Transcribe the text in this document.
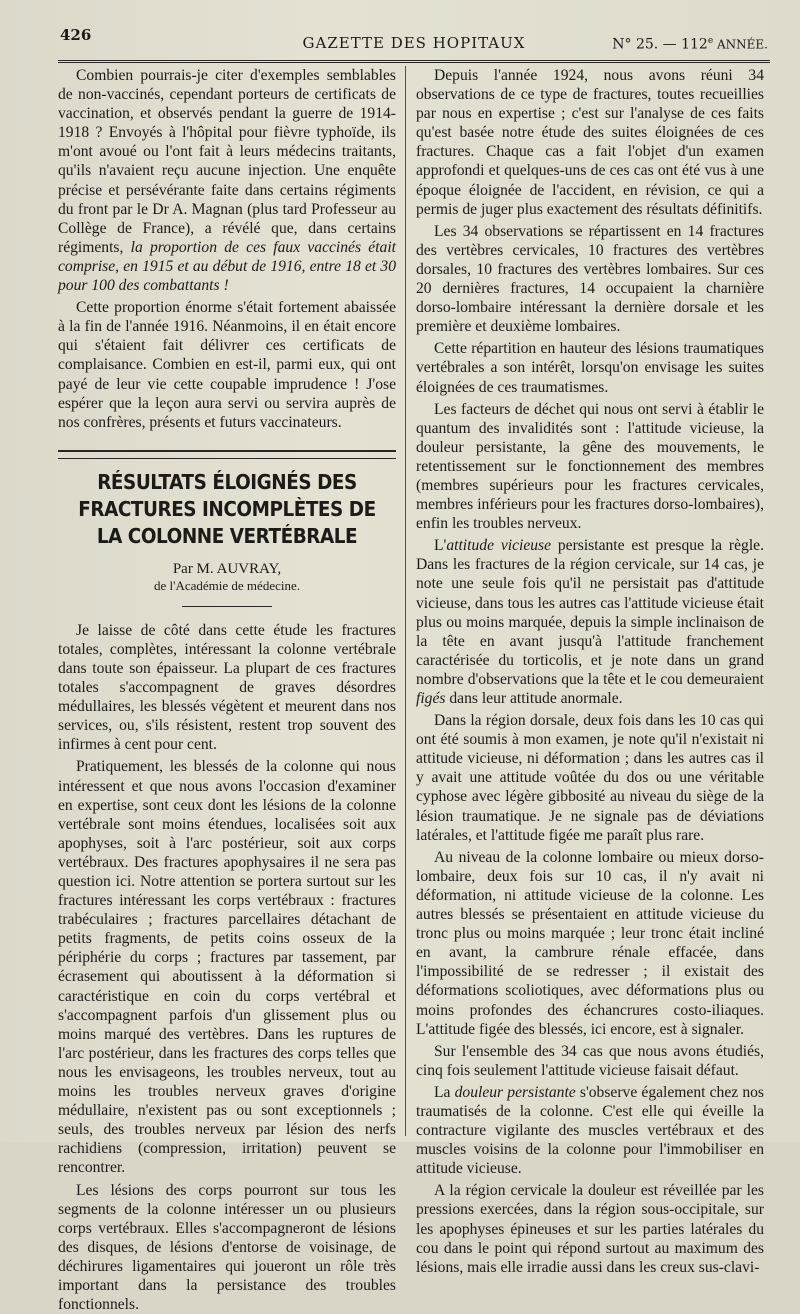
426	GAZETTE DES HOPITAUX	N° 25. — 112e ANNÉE.

Combien pourrais-je citer d'exemples semblables de non-vaccinés, cependant porteurs de certificats de vaccination, et observés pendant la guerre de 1914-1918 ? Envoyés à l'hôpital pour fièvre typhoïde, ils m'ont avoué ou l'ont fait à leurs médecins traitants, qu'ils n'avaient reçu aucune injection. Une enquête précise et persévérante faite dans certains régiments du front par le Dr A. Magnan (plus tard Professeur au Collège de France), a révélé que, dans certains régiments, la proportion de ces faux vaccinés était comprise, en 1915 et au début de 1916, entre 18 et 30 pour 100 des combattants !

Cette proportion énorme s'était fortement abaissée à la fin de l'année 1916. Néanmoins, il en était encore qui s'étaient fait délivrer ces certificats de complaisance. Combien en est-il, parmi eux, qui ont payé de leur vie cette coupable imprudence ! J'ose espérer que la leçon aura servi ou servira auprès de nos confrères, présents et futurs vaccinateurs.

RÉSULTATS ÉLOIGNÉS DES FRACTURES INCOMPLÈTES DE LA COLONNE VERTÉBRALE
Par M. AUVRAY,
de l'Académie de médecine.

Je laisse de côté dans cette étude les fractures totales, complètes, intéressant la colonne vertébrale dans toute son épaisseur. La plupart de ces fractures totales s'accompagnent de graves désordres médullaires, les blessés végètent et meurent dans nos services, ou, s'ils résistent, restent trop souvent des infirmes à cent pour cent.

Pratiquement, les blessés de la colonne qui nous intéressent et que nous avons l'occasion d'examiner en expertise, sont ceux dont les lésions de la colonne vertébrale sont moins étendues, localisées soit aux apophyses, soit à l'arc postérieur, soit aux corps vertébraux. Des fractures apophysaires il ne sera pas question ici. Notre attention se portera surtout sur les fractures intéressant les corps vertébraux : fractures trabéculaires ; fractures parcellaires détachant de petits fragments, de petits coins osseux de la périphérie du corps ; fractures par tassement, par écrasement qui aboutissent à la déformation si caractéristique en coin du corps vertébral et s'accompagnent parfois d'un glissement plus ou moins marqué des vertèbres. Dans les ruptures de l'arc postérieur, dans les fractures des corps telles que nous les envisageons, les troubles nerveux, tout au moins les troubles nerveux graves d'origine médullaire, n'existent pas ou sont exceptionnels ; seuls, des troubles nerveux par lésion des nerfs rachidiens (compression, irritation) peuvent se rencontrer.

Les lésions des corps pourront sur tous les segments de la colonne intéresser un ou plusieurs corps vertébraux. Elles s'accompagneront de lésions des disques, de lésions d'entorse de voisinage, de déchirures ligamentaires qui joueront un rôle très important dans la persistance des troubles fonctionnels.

Depuis l'année 1924, nous avons réuni 34 observations de ce type de fractures, toutes recueillies par nous en expertise ; c'est sur l'analyse de ces faits qu'est basée notre étude des suites éloignées de ces fractures. Chaque cas a fait l'objet d'un examen approfondi et quelques-uns de ces cas ont été vus à une époque éloignée de l'accident, en révision, ce qui a permis de juger plus exactement des résultats définitifs.

Les 34 observations se répartissent en 14 fractures des vertèbres cervicales, 10 fractures des vertèbres dorsales, 10 fractures des vertèbres lombaires. Sur ces 20 dernières fractures, 14 occupaient la charnière dorso-lombaire intéressant la dernière dorsale et les première et deuxième lombaires.

Cette répartition en hauteur des lésions traumatiques vertébrales a son intérêt, lorsqu'on envisage les suites éloignées de ces traumatismes.

Les facteurs de déchet qui nous ont servi à établir le quantum des invalidités sont : l'attitude vicieuse, la douleur persistante, la gêne des mouvements, le retentissement sur le fonctionnement des membres (membres supérieurs pour les fractures cervicales, membres inférieurs pour les fractures dorso-lombaires), enfin les troubles nerveux.

L'attitude vicieuse persistante est presque la règle. Dans les fractures de la région cervicale, sur 14 cas, je note une seule fois qu'il ne persistait pas d'attitude vicieuse, dans tous les autres cas l'attitude vicieuse était plus ou moins marquée, depuis la simple inclinaison de la tête en avant jusqu'à l'attitude franchement caractérisée du torticolis, et je note dans un grand nombre d'observations que la tête et le cou demeuraient figés dans leur attitude anormale.

Dans la région dorsale, deux fois dans les 10 cas qui ont été soumis à mon examen, je note qu'il n'existait ni attitude vicieuse, ni déformation ; dans les autres cas il y avait une attitude voûtée du dos ou une véritable cyphose avec légère gibbosité au niveau du siège de la lésion traumatique. Je ne signale pas de déviations latérales, et l'attitude figée me paraît plus rare.

Au niveau de la colonne lombaire ou mieux dorso-lombaire, deux fois sur 10 cas, il n'y avait ni déformation, ni attitude vicieuse de la colonne. Les autres blessés se présentaient en attitude vicieuse du tronc plus ou moins marquée ; leur tronc était incliné en avant, la cambrure rénale effacée, dans l'impossibilité de se redresser ; il existait des déformations scoliotiques, avec déformations plus ou moins profondes des échancrures costo-iliaques. L'attitude figée des blessés, ici encore, est à signaler.

Sur l'ensemble des 34 cas que nous avons étudiés, cinq fois seulement l'attitude vicieuse faisait défaut.

La douleur persistante s'observe également chez nos traumatisés de la colonne. C'est elle qui éveille la contracture vigilante des muscles vertébraux et des muscles voisins de la colonne pour l'immobiliser en attitude vicieuse.

A la région cervicale la douleur est réveillée par les pressions exercées, dans la région sous-occipitale, sur les apophyses épineuses et sur les parties latérales du cou dans le point qui répond surtout au maximum des lésions, mais elle irradie aussi dans les creux sus-clavi-
